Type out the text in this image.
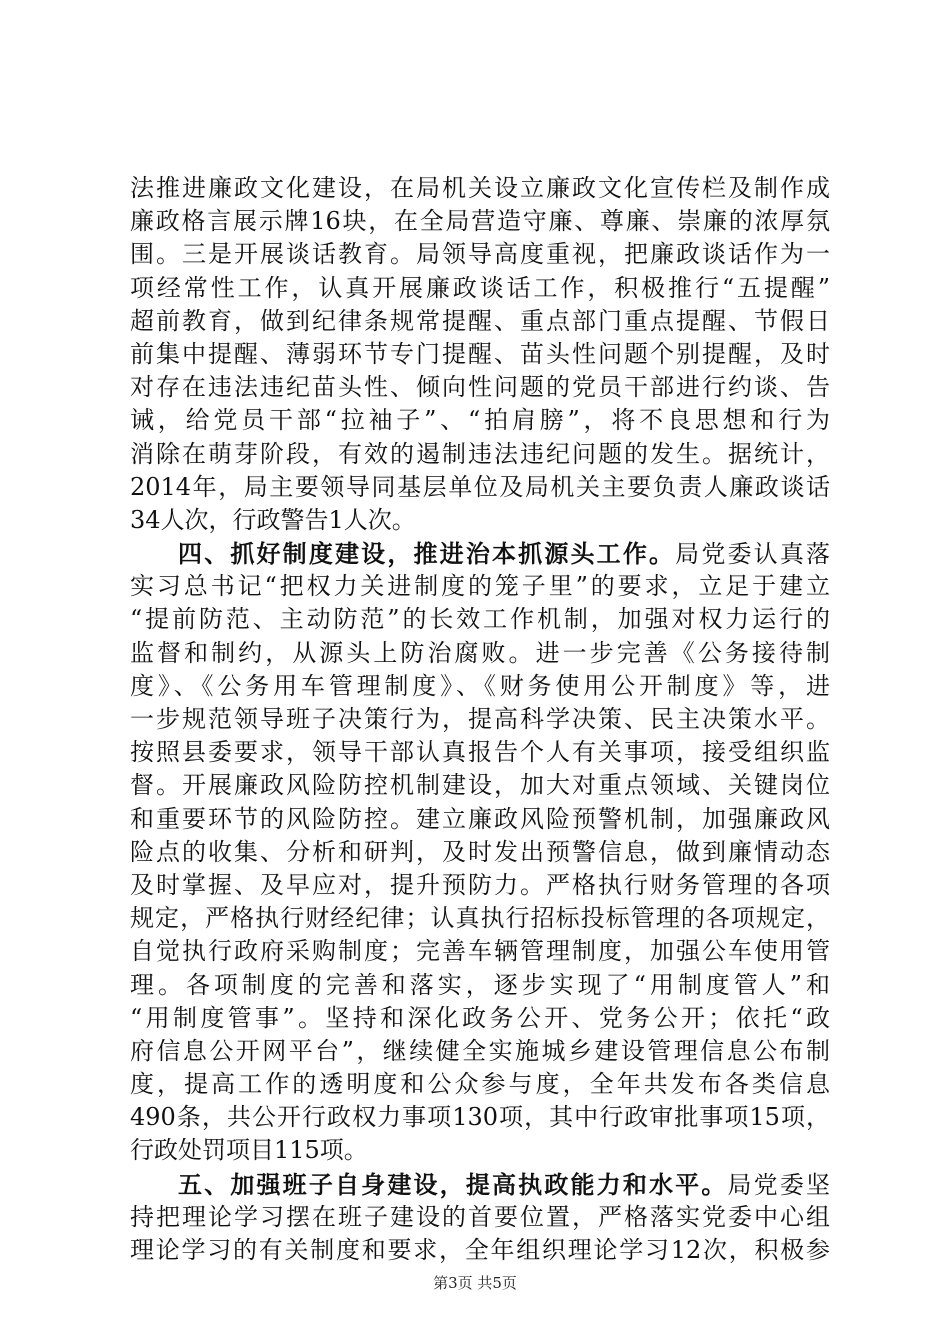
法推进廉政文化建设，在局机关设立廉政文化宣传栏及制作成
廉政格言展示牌16块，在全局营造守廉、尊廉、崇廉的浓厚氛
围。三是开展谈话教育。局领导高度重视，把廉政谈话作为一
项经常性工作，认真开展廉政谈话工作，积极推行“五提醒”
超前教育，做到纪律条规常提醒、重点部门重点提醒、节假日
前集中提醒、薄弱环节专门提醒、苗头性问题个别提醒，及时
对存在违法违纪苗头性、倾向性问题的党员干部进行约谈、告
诫，给党员干部“拉袖子”、“拍肩膀”，将不良思想和行为
消除在萌芽阶段，有效的遏制违法违纪问题的发生。据统计，
2014年，局主要领导同基层单位及局机关主要负责人廉政谈话
34人次，行政警告1人次。
四、抓好制度建设，推进治本抓源头工作。局党委认真落
实习总书记“把权力关进制度的笼子里”的要求，立足于建立
“提前防范、主动防范”的长效工作机制，加强对权力运行的
监督和制约，从源头上防治腐败。进一步完善《公务接待制
度》、《公务用车管理制度》、《财务使用公开制度》等，进
一步规范领导班子决策行为，提高科学决策、民主决策水平。
按照县委要求，领导干部认真报告个人有关事项，接受组织监
督。开展廉政风险防控机制建设，加大对重点领域、关键岗位
和重要环节的风险防控。建立廉政风险预警机制，加强廉政风
险点的收集、分析和研判，及时发出预警信息，做到廉情动态
及时掌握、及早应对，提升预防力。严格执行财务管理的各项
规定，严格执行财经纪律；认真执行招标投标管理的各项规定，
自觉执行政府采购制度；完善车辆管理制度，加强公车使用管
理。各项制度的完善和落实，逐步实现了“用制度管人”和
“用制度管事”。坚持和深化政务公开、党务公开；依托“政
府信息公开网平台”，继续健全实施城乡建设管理信息公布制
度，提高工作的透明度和公众参与度，全年共发布各类信息
490条，共公开行政权力事项130项，其中行政审批事项15项，
行政处罚项目115项。
五、加强班子自身建设，提高执政能力和水平。局党委坚
持把理论学习摆在班子建设的首要位置，严格落实党委中心组
理论学习的有关制度和要求，全年组织理论学习12次，积极参
第3页 共5页
